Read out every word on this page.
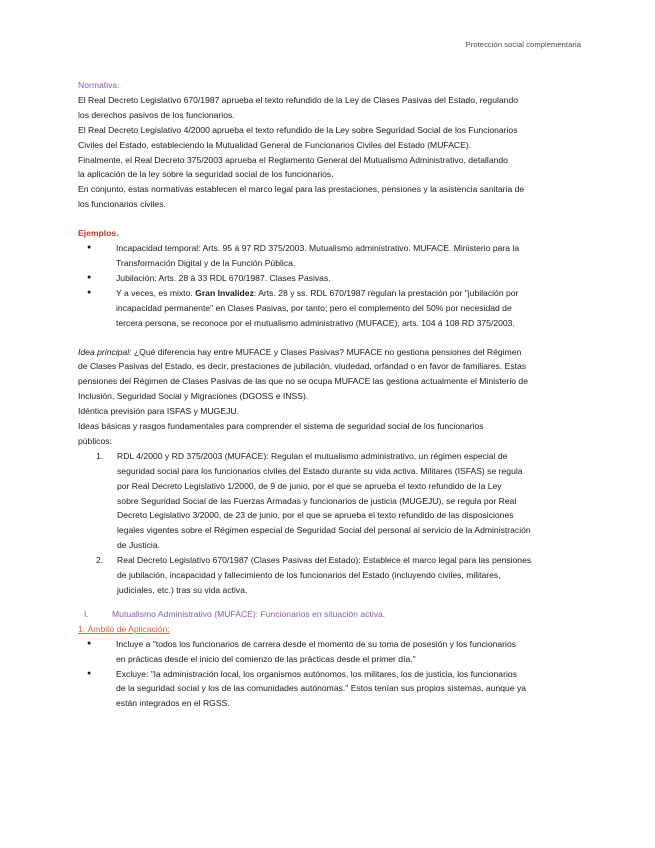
Protección social complementaria
Normativa:
El Real Decreto Legislativo 670/1987 aprueba el texto refundido de la Ley de Clases Pasivas del Estado, regulando
los derechos pasivos de los funcionarios.
El Real Decreto Legislativo 4/2000 aprueba el texto refundido de la Ley sobre Seguridad Social de los Funcionarios
Civiles del Estado, estableciendo la Mutualidad General de Funcionarios Civiles del Estado (MUFACE).
Finalmente, el Real Decreto 375/2003 aprueba el Reglamento General del Mutualismo Administrativo, detallando
la aplicación de la ley sobre la seguridad social de los funcionarios.
En conjunto, estas normativas establecen el marco legal para las prestaciones, pensiones y la asistencia sanitaria de
los funcionarios civiles.
Ejemplos.
●	Incapacidad temporal: Arts. 95 á 97 RD 375/2003. Mutualismo administrativo. MUFACE. Ministerio para la
Transformación Digital y de la Función Pública.
●	Jubilación: Arts. 28 á 33 RDL 670/1987. Clases Pasivas.
●	Y a veces, es mixto. Gran Invalidez: Arts. 28 y ss. RDL 670/1987 regulan la prestación por "jubilación por
incapacidad permanente" en Clases Pasivas, por tanto; pero el complemento del 50% por necesidad de
tercera persona, se reconoce por el mutualismo administrativo (MUFACE), arts. 104 á 108 RD 375/2003.
Idea principal: ¿Qué diferencia hay entre MUFACE y Clases Pasivas? MUFACE no gestiona pensiones del Régimen
de Clases Pasivas del Estado, es decir, prestaciones de jubilación, viudedad, orfandad o en favor de familiares. Estas
pensiones del Régimen de Clases Pasivas de las que no se ocupa MUFACE las gestiona actualmente el Ministerio de
Inclusión, Seguridad Social y Migraciones (DGOSS e INSS).
Idéntica previsión para ISFAS y MUGEJU.
Ideas básicas y rasgos fundamentales para comprender el sistema de seguridad social de los funcionarios
públicos:
1.	RDL 4/2000 y RD 375/2003 (MUFACE): Regulan el mutualismo administrativo, un régimen especial de
seguridad social para los funcionarios civiles del Estado durante su vida activa. Militares (ISFAS) se regula
por Real Decreto Legislativo 1/2000, de 9 de junio, por el que se aprueba el texto refundido de la Ley
sobre Seguridad Social de las Fuerzas Armadas y funcionarios de justicia (MUGEJU), se regula por Real
Decreto Legislativo 3/2000, de 23 de junio, por el que se aprueba el texto refundido de las disposiciones
legales vigentes sobre el Régimen especial de Seguridad Social del personal al servicio de la Administración
de Justicia.
2.	Real Decreto Legislativo 670/1987 (Clases Pasivas del Estado): Establece el marco legal para las pensiones
de jubilación, incapacidad y fallecimiento de los funcionarios del Estado (incluyendo civiles, militares,
judiciales, etc.) tras su vida activa.
I.	Mutualismo Administrativo (MUFACE): Funcionarios en situación activa.
1. Ámbito de Aplicación:
●	Incluye a "todos los funcionarios de carrera desde el momento de su toma de posesión y los funcionarios
en prácticas desde el inicio del comienzo de las prácticas desde el primer día."
●	Excluye: "la administración local, los organismos autónomos, los militares, los de justicia, los funcionarios
de la seguridad social y los de las comunidades autónomas." Estos tenían sus propios sistemas, aunque ya
están integrados en el RGSS.
